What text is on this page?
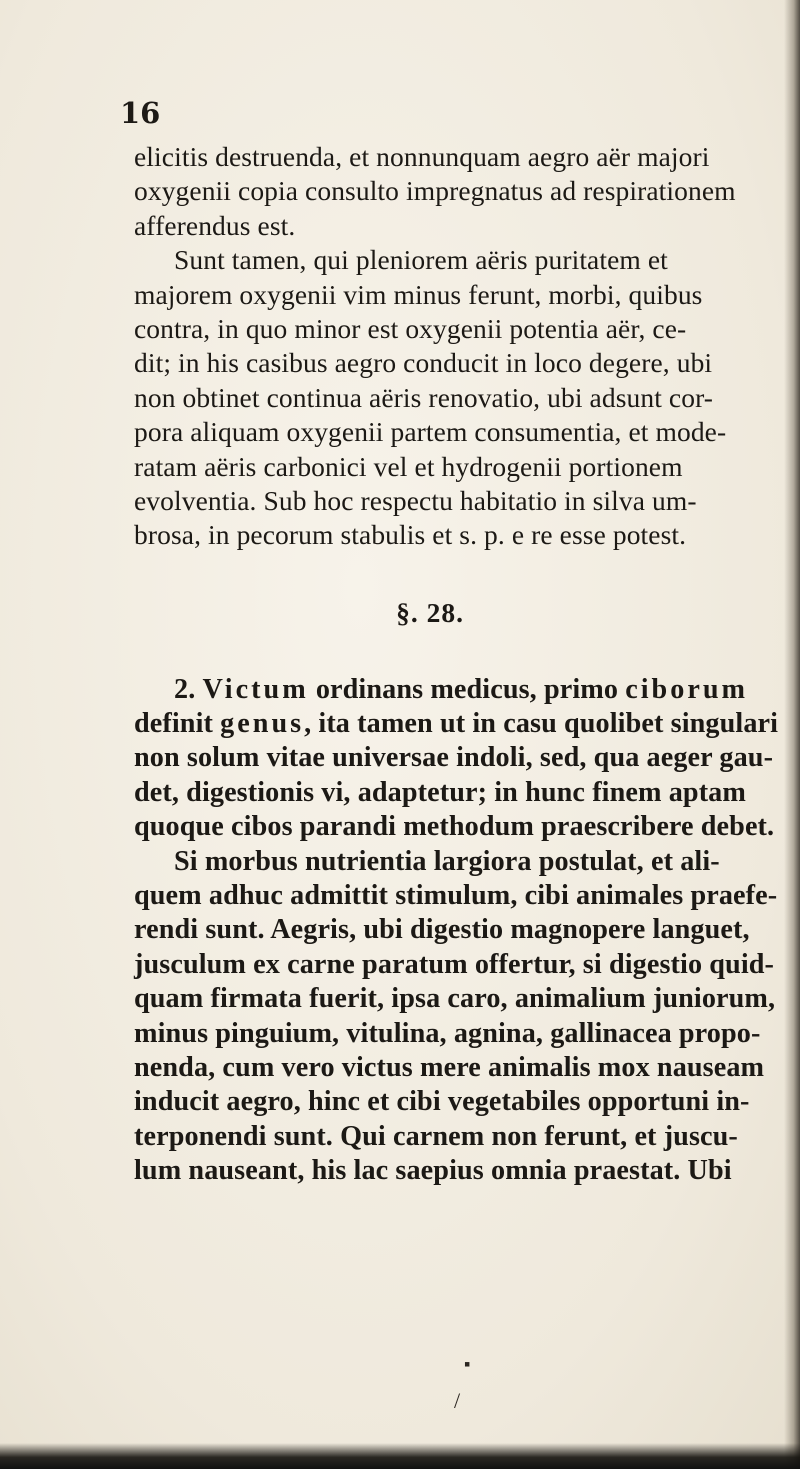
16
elicitis destruenda, et nonnunquam aegro aër majori
oxygenii copia consulto impregnatus ad respirationem
afferendus est.
Sunt tamen, qui pleniorem aëris puritatem et
majorem oxygenii vim minus ferunt, morbi, quibus
contra, in quo minor est oxygenii potentia aër, ce-
dit; in his casibus aegro conducit in loco degere, ubi
non obtinet continua aëris renovatio, ubi adsunt cor-
pora aliquam oxygenii partem consumentia, et mode-
ratam aëris carbonici vel et hydrogenii portionem
evolventia. Sub hoc respectu habitatio in silva um-
brosa, in pecorum stabulis et s. p. e re esse potest.
§. 28.
2. Victum ordinans medicus, primo ciborum
definit genus, ita tamen ut in casu quolibet singulari
non solum vitae universae indoli, sed, qua aeger gau-
det, digestionis vi, adaptetur; in hunc finem aptam
quoque cibos parandi methodum praescribere debet.
Si morbus nutrientia largiora postulat, et ali-
quem adhuc admittit stimulum, cibi animales praefe-
rendi sunt. Aegris, ubi digestio magnopere languet,
jusculum ex carne paratum offertur, si digestio quid-
quam firmata fuerit, ipsa caro, animalium juniorum,
minus pinguium, vitulina, agnina, gallinacea propo-
nenda, cum vero victus mere animalis mox nauseam
inducit aegro, hinc et cibi vegetabiles opportuni in-
terponendi sunt. Qui carnem non ferunt, et juscu-
lum nauseant, his lac saepius omnia praestat. Ubi
▪
/
